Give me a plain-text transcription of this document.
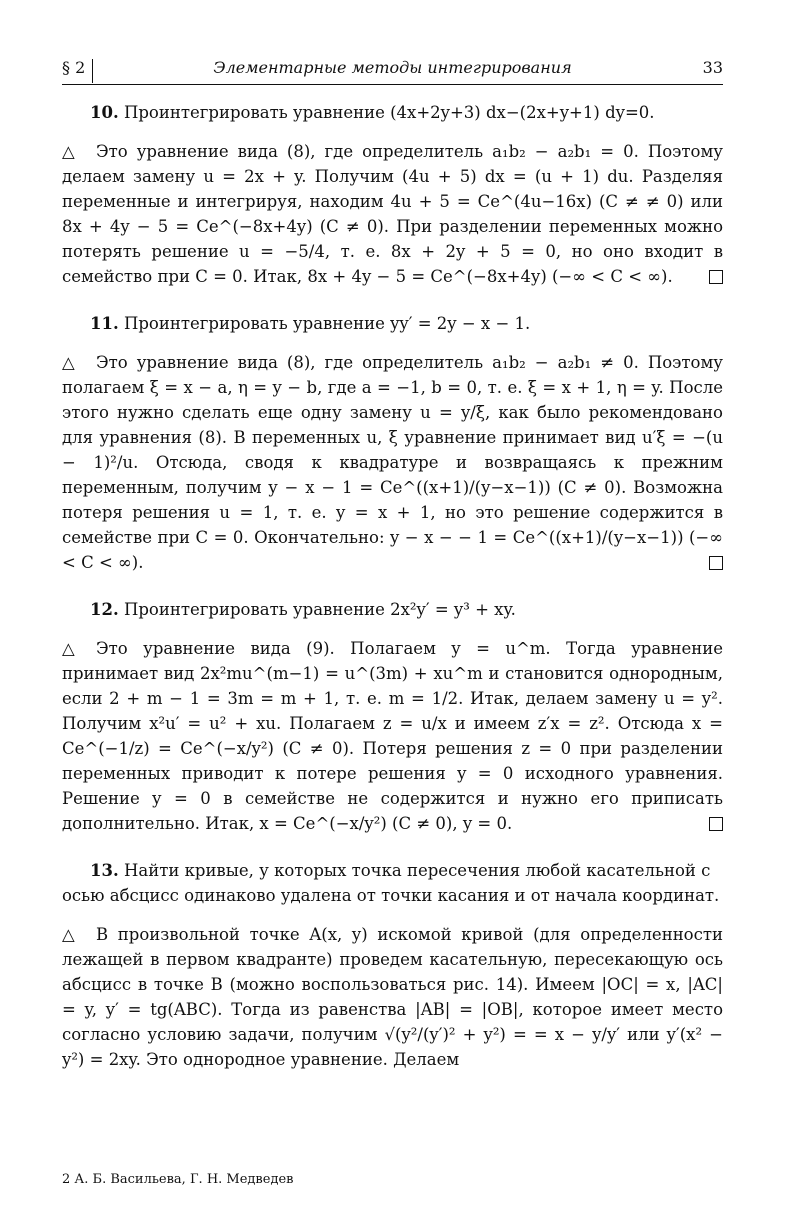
§ 2	Элементарные методы интегрирования	33

10. Проинтегрировать уравнение (4x+2y+3) dx−(2x+y+1) dy=0.

△ Это уравнение вида (8), где определитель a₁b₂ − a₂b₁ = 0. Поэтому делаем замену u = 2x + y. Получим (4u + 5) dx = (u + 1) du. Разделяя переменные и интегрируя, находим 4u + 5 = Ce^(4u−16x) (C ≠ ≠ 0) или 8x + 4y − 5 = Ce^(−8x+4y) (C ≠ 0). При разделении переменных можно потерять решение u = −5/4, т. е. 8x + 2y + 5 = 0, но оно входит в семейство при C = 0. Итак, 8x + 4y − 5 = Ce^(−8x+4y) (−∞ < C < ∞).

11. Проинтегрировать уравнение yy′ = 2y − x − 1.

△ Это уравнение вида (8), где определитель a₁b₂ − a₂b₁ ≠ 0. Поэтому полагаем ξ = x − a, η = y − b, где a = −1, b = 0, т. е. ξ = x + 1, η = y. После этого нужно сделать еще одну замену u = y/ξ, как было рекомендовано для уравнения (8). В переменных u, ξ уравнение принимает вид u′ξ = −(u − 1)²/u. Отсюда, сводя к квадратуре и возвращаясь к прежним переменным, получим y − x − 1 = Ce^((x+1)/(y−x−1)) (C ≠ 0). Возможна потеря решения u = 1, т. е. y = x + 1, но это решение содержится в семействе при C = 0. Окончательно: y − x − − 1 = Ce^((x+1)/(y−x−1)) (−∞ < C < ∞).

12. Проинтегрировать уравнение 2x²y′ = y³ + xy.

△ Это уравнение вида (9). Полагаем y = u^m. Тогда уравнение принимает вид 2x²mu^(m−1) = u^(3m) + xu^m и становится однородным, если 2 + m − 1 = 3m = m + 1, т. е. m = 1/2. Итак, делаем замену u = y². Получим x²u′ = u² + xu. Полагаем z = u/x и имеем z′x = z². Отсюда x = Ce^(−1/z) = Ce^(−x/y²) (C ≠ 0). Потеря решения z = 0 при разделении переменных приводит к потере решения y = 0 исходного уравнения. Решение y = 0 в семействе не содержится и нужно его приписать дополнительно. Итак, x = Ce^(−x/y²) (C ≠ 0), y = 0.

13. Найти кривые, у которых точка пересечения любой касательной с осью абсцисс одинаково удалена от точки касания и от начала координат.

△ В произвольной точке A(x, y) искомой кривой (для определенности лежащей в первом квадранте) проведем касательную, пересекающую ось абсцисс в точке B (можно воспользоваться рис. 14). Имеем |OC| = x, |AC| = y, y′ = tg(ABC). Тогда из равенства |AB| = |OB|, которое имеет место согласно условию задачи, получим √(y²/(y′)² + y²) = = x − y/y′ или y′(x² − y²) = 2xy. Это однородное уравнение. Делаем

2 А. Б. Васильева, Г. Н. Медведев
